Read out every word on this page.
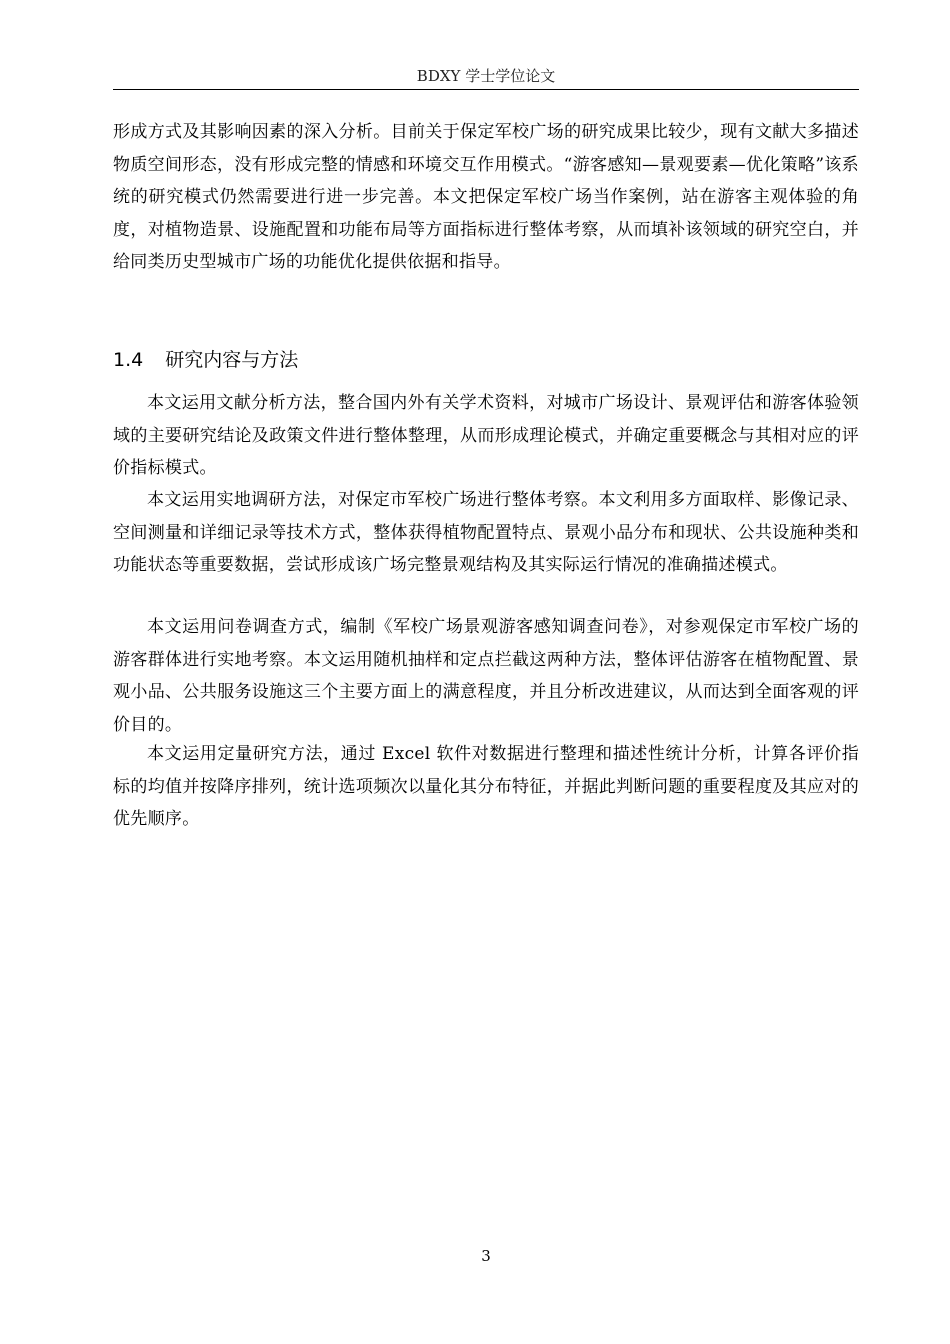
BDXY 学士学位论文

形成方式及其影响因素的深入分析。目前关于保定军校广场的研究成果比较少，现有文献大多描述物质空间形态，没有形成完整的情感和环境交互作用模式。“游客感知—景观要素—优化策略”该系统的研究模式仍然需要进行进一步完善。本文把保定军校广场当作案例，站在游客主观体验的角度，对植物造景、设施配置和功能布局等方面指标进行整体考察，从而填补该领域的研究空白，并给同类历史型城市广场的功能优化提供依据和指导。

1.4 研究内容与方法

本文运用文献分析方法，整合国内外有关学术资料，对城市广场设计、景观评估和游客体验领域的主要研究结论及政策文件进行整体整理，从而形成理论模式，并确定重要概念与其相对应的评价指标模式。

本文运用实地调研方法，对保定市军校广场进行整体考察。本文利用多方面取样、影像记录、空间测量和详细记录等技术方式，整体获得植物配置特点、景观小品分布和现状、公共设施种类和功能状态等重要数据，尝试形成该广场完整景观结构及其实际运行情况的准确描述模式。

本文运用问卷调查方式，编制《军校广场景观游客感知调查问卷》，对参观保定市军校广场的游客群体进行实地考察。本文运用随机抽样和定点拦截这两种方法，整体评估游客在植物配置、景观小品、公共服务设施这三个主要方面上的满意程度，并且分析改进建议，从而达到全面客观的评价目的。

本文运用定量研究方法，通过 Excel 软件对数据进行整理和描述性统计分析，计算各评价指标的均值并按降序排列，统计选项频次以量化其分布特征，并据此判断问题的重要程度及其应对的优先顺序。

3
